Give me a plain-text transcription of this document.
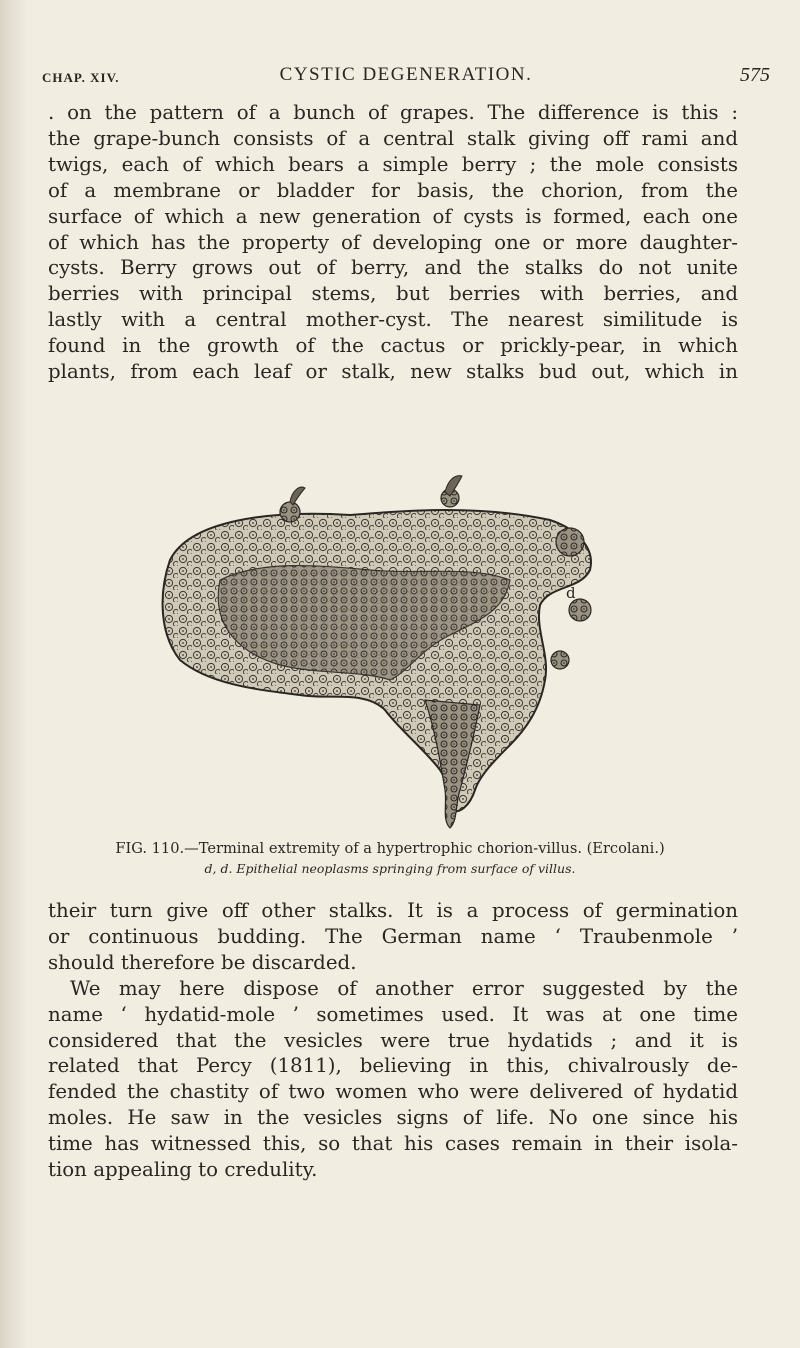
CHAP. XIV.	CYSTIC DEGENERATION.	575
. on the pattern of a bunch of grapes. The difference is this :
the grape-bunch consists of a central stalk giving off rami and
twigs, each of which bears a simple berry ; the mole consists
of a membrane or bladder for basis, the chorion, from the
surface of which a new generation of cysts is formed, each one
of which has the property of developing one or more daughter-
cysts. Berry grows out of berry, and the stalks do not unite
berries with principal stems, but berries with berries, and
lastly with a central mother-cyst. The nearest similitude is
found in the growth of the cactus or prickly-pear, in which
plants, from each leaf or stalk, new stalks bud out, which in
d
FIG. 110.—Terminal extremity of a hypertrophic chorion-villus. (Ercolani.)
d, d. Epithelial neoplasms springing from surface of villus.
their turn give off other stalks. It is a process of germination
or continuous budding. The German name ‘ Traubenmole ’
should therefore be discarded.
We may here dispose of another error suggested by the
name ‘ hydatid-mole ’ sometimes used. It was at one time
considered that the vesicles were true hydatids ; and it is
related that Percy (1811), believing in this, chivalrously de-
fended the chastity of two women who were delivered of hydatid
moles. He saw in the vesicles signs of life. No one since his
time has witnessed this, so that his cases remain in their isola-
tion appealing to credulity.
